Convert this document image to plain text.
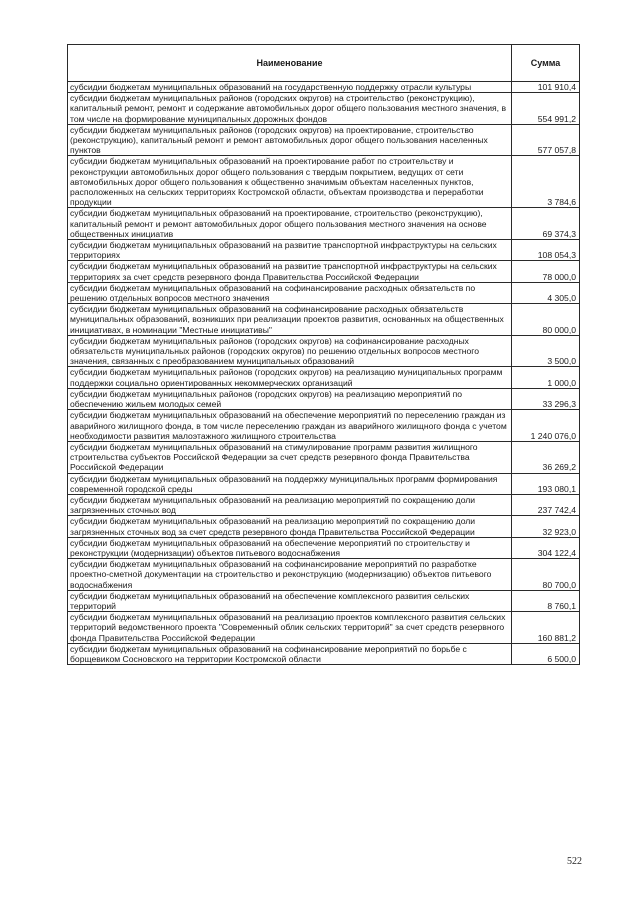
Наименование	Сумма
субсидии бюджетам муниципальных образований на государственную поддержку отрасли культуры	101 910,4
субсидии бюджетам муниципальных районов (городских округов) на строительство (реконструкцию), капитальный ремонт, ремонт и содержание автомобильных дорог общего пользования местного значения, в том числе на формирование муниципальных дорожных фондов	554 991,2
субсидии бюджетам муниципальных районов (городских округов) на проектирование, строительство (реконструкцию), капитальный ремонт и ремонт автомобильных дорог общего пользования населенных пунктов	577 057,8
субсидии бюджетам муниципальных образований на проектирование работ по строительству и реконструкции автомобильных дорог общего пользования с твердым покрытием, ведущих от сети автомобильных дорог общего пользования к общественно значимым объектам населенных пунктов, расположенных на сельских территориях Костромской области, объектам производства и переработки продукции	3 784,6
субсидии бюджетам муниципальных образований на проектирование, строительство (реконструкцию), капитальный ремонт и ремонт автомобильных дорог общего пользования местного значения на основе общественных инициатив	69 374,3
субсидии бюджетам муниципальных образований на развитие транспортной инфраструктуры на сельских территориях	108 054,3
субсидии бюджетам муниципальных образований на развитие транспортной инфраструктуры на сельских территориях за счет средств резервного фонда Правительства Российской Федерации	78 000,0
субсидии бюджетам муниципальных образований на софинансирование расходных обязательств по решению отдельных вопросов местного значения	4 305,0
субсидии бюджетам муниципальных образований на софинансирование расходных обязательств муниципальных образований, возникших при реализации проектов развития, основанных на общественных инициативах, в номинации "Местные инициативы"	80 000,0
субсидии бюджетам муниципальных районов (городских округов) на софинансирование расходных обязательств муниципальных районов (городских округов) по решению отдельных вопросов местного значения, связанных с преобразованием муниципальных образований	3 500,0
субсидии бюджетам муниципальных районов (городских округов) на реализацию муниципальных программ поддержки социально ориентированных некоммерческих организаций	1 000,0
субсидии бюджетам муниципальных районов (городских округов) на реализацию мероприятий по обеспечению жильем молодых семей	33 296,3
субсидии бюджетам муниципальных образований на обеспечение мероприятий по переселению граждан из аварийного жилищного фонда, в том числе переселению граждан из аварийного жилищного фонда с учетом необходимости развития малоэтажного жилищного строительства	1 240 076,0
субсидии бюджетам муниципальных образований на стимулирование программ развития жилищного строительства субъектов Российской Федерации за счет средств резервного фонда Правительства Российской Федерации	36 269,2
субсидии бюджетам муниципальных образований на поддержку муниципальных программ формирования современной городской среды	193 080,1
субсидии бюджетам муниципальных образований на реализацию мероприятий по сокращению доли загрязненных сточных вод	237 742,4
субсидии бюджетам муниципальных образований на реализацию мероприятий по сокращению доли загрязненных сточных вод за счет средств резервного фонда Правительства Российской Федерации	32 923,0
субсидии бюджетам муниципальных образований на обеспечение мероприятий по строительству и реконструкции (модернизации) объектов питьевого водоснабжения	304 122,4
субсидии бюджетам муниципальных образований на софинансирование мероприятий по разработке проектно-сметной документации на строительство и реконструкцию (модернизацию) объектов питьевого водоснабжения	80 700,0
субсидии бюджетам муниципальных образований на обеспечение комплексного развития сельских территорий	8 760,1
субсидии бюджетам муниципальных образований на реализацию проектов комплексного развития сельских территорий ведомственного проекта "Современный облик сельских территорий" за счет средств резервного фонда Правительства Российской Федерации	160 881,2
субсидии бюджетам муниципальных образований на софинансирование мероприятий по борьбе с борщевиком Сосновского на территории Костромской области	6 500,0
522
